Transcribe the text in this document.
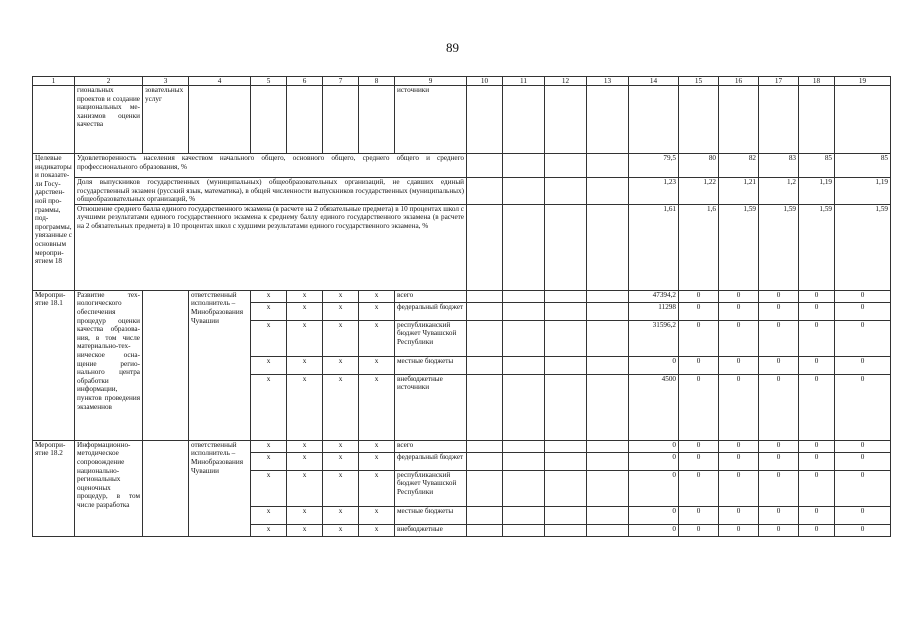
89
1	2	3	4	5	6	7	8	9	10	11	12	13	14	15	16	17	18	19
	гиональных проектов и создание национальных механизмов оценки качества	зовательных услуг						источники										
Целевые индикаторы и показатели Государственной программы, подпрограммы, увязанные с основным мероприятием 18	Удовлетворенность населения качеством начального общего, основного общего, среднего общего и среднего профессионального образования, %												79,5	80	82	83	85	85
	Доля выпускников государственных (муниципальных) общеобразовательных организаций, не сдавших единый государственный экзамен (русский язык, математика), в общей численности выпускников государственных (муниципальных) общеобразовательных организаций, %												1,23	1,22	1,21	1,2	1,19	1,19
	Отношение среднего балла единого государственного экзамена (в расчете на 2 обязательные предмета) в 10 процентах школ с лучшими результатами единого государственного экзамена к среднему баллу единого государственного экзамена (в расчете на 2 обязательных предмета) в 10 процентах школ с худшими результатами единого государственного экзамена, %												1,61	1,6	1,59	1,59	1,59	1,59
Мероприятие 18.1	Развитие технологического обеспечения процедур оценки качества образования, в том числе материально-техническое оснащение регионального центра обработки информации, пунктов проведения экзаменнов		ответственный исполнитель – Минобразования Чувашии	x	x	x	x	всего					47394,2	0	0	0	0	0
				x	x	x	x	федеральный бюджет					11298	0	0	0	0	0
				x	x	x	x	республиканский бюджет Чувашской Республики					31596,2	0	0	0	0	0
				x	x	x	x	местные бюджеты					0	0	0	0	0	0
				x	x	x	x	внебюджетные источники					4500	0	0	0	0	0
Мероприятие 18.2	Информационно-методическое сопровождение национально-региональных оценочных процедур, в том числе разработка		ответственный исполнитель – Минобразования Чувашии	x	x	x	x	всего					0	0	0	0	0	0
				x	x	x	x	федеральный бюджет					0	0	0	0	0	0
				x	x	x	x	республиканский бюджет Чувашской Республики					0	0	0	0	0	0
				x	x	x	x	местные бюджеты					0	0	0	0	0	0
				x	x	x	x	внебюджетные					0	0	0	0	0	0
